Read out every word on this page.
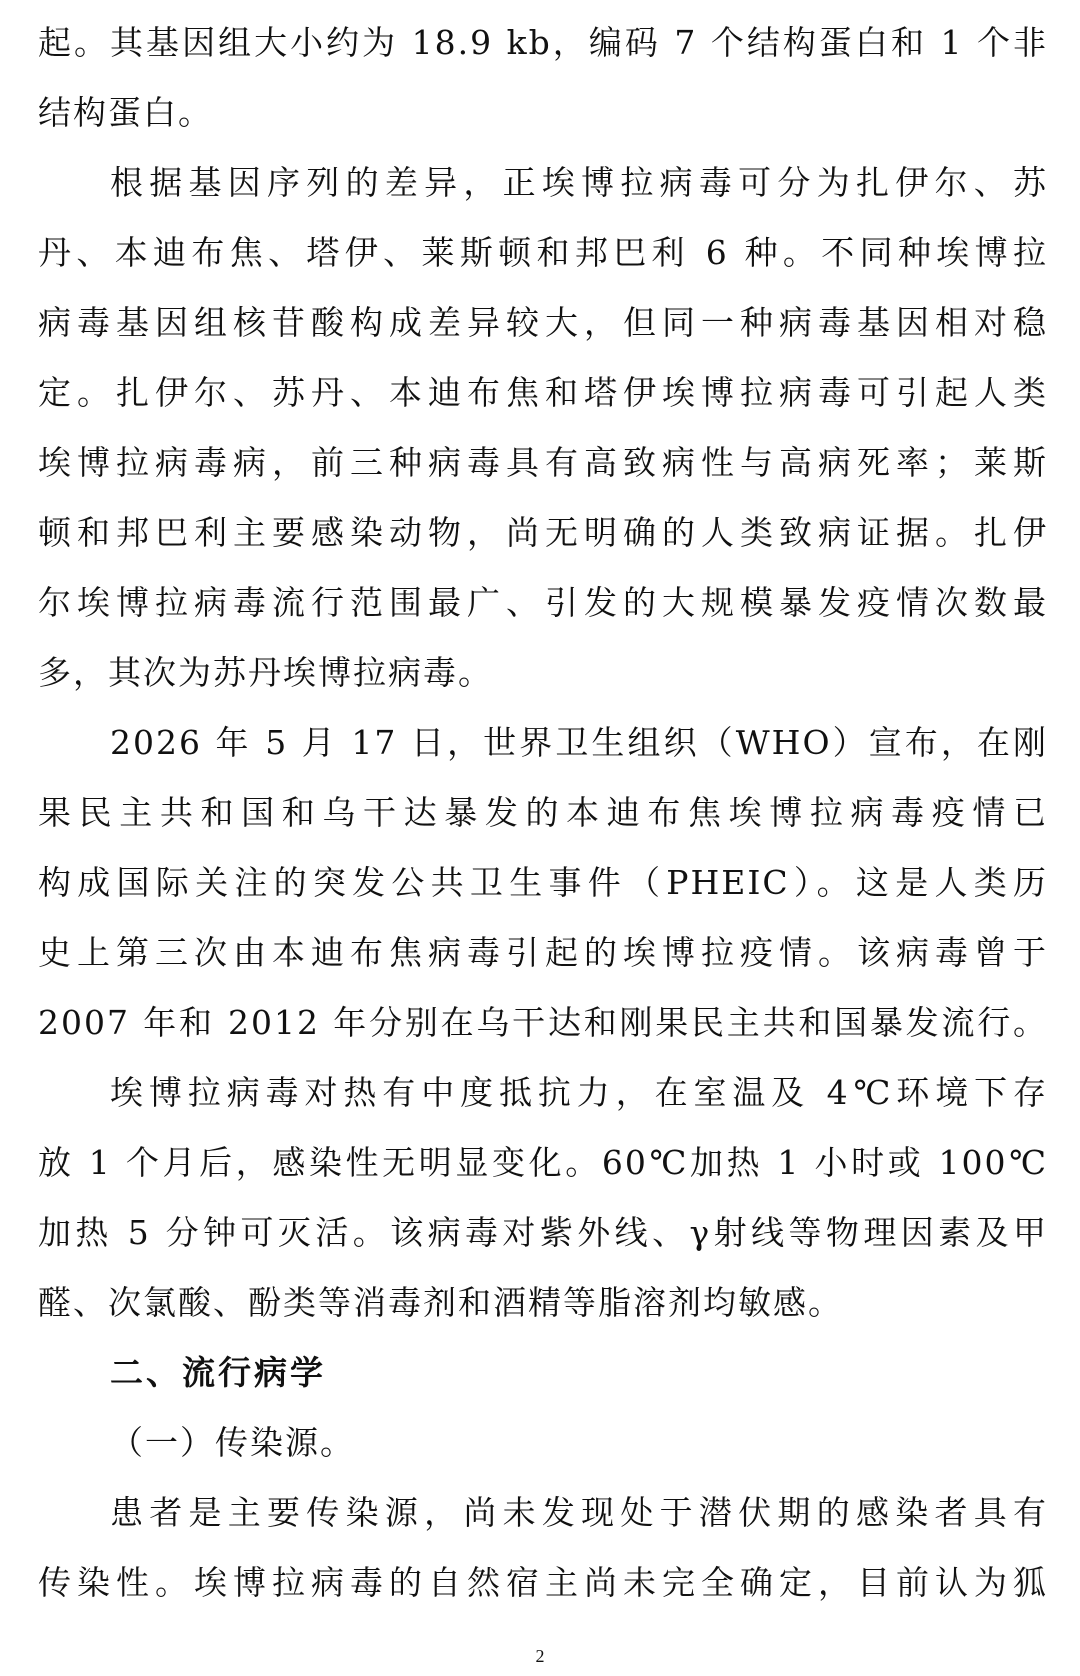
起。其基因组大小约为 18.9 kb，编码 7 个结构蛋白和 1 个非
结构蛋白。
根据基因序列的差异，正埃博拉病毒可分为扎伊尔、苏
丹、本迪布焦、塔伊、莱斯顿和邦巴利 6 种。不同种埃博拉
病毒基因组核苷酸构成差异较大，但同一种病毒基因相对稳
定。扎伊尔、苏丹、本迪布焦和塔伊埃博拉病毒可引起人类
埃博拉病毒病，前三种病毒具有高致病性与高病死率；莱斯
顿和邦巴利主要感染动物，尚无明确的人类致病证据。扎伊
尔埃博拉病毒流行范围最广、引发的大规模暴发疫情次数最
多，其次为苏丹埃博拉病毒。
2026 年 5 月 17 日，世界卫生组织（WHO）宣布，在刚
果民主共和国和乌干达暴发的本迪布焦埃博拉病毒疫情已
构成国际关注的突发公共卫生事件（PHEIC）。这是人类历
史上第三次由本迪布焦病毒引起的埃博拉疫情。该病毒曾于
2007 年和 2012 年分别在乌干达和刚果民主共和国暴发流行。
埃博拉病毒对热有中度抵抗力，在室温及 4℃环境下存
放 1 个月后，感染性无明显变化。60℃加热 1 小时或 100℃
加热 5 分钟可灭活。该病毒对紫外线、γ射线等物理因素及甲
醛、次氯酸、酚类等消毒剂和酒精等脂溶剂均敏感。
二、流行病学
（一）传染源。
患者是主要传染源，尚未发现处于潜伏期的感染者具有
传染性。埃博拉病毒的自然宿主尚未完全确定，目前认为狐
2
